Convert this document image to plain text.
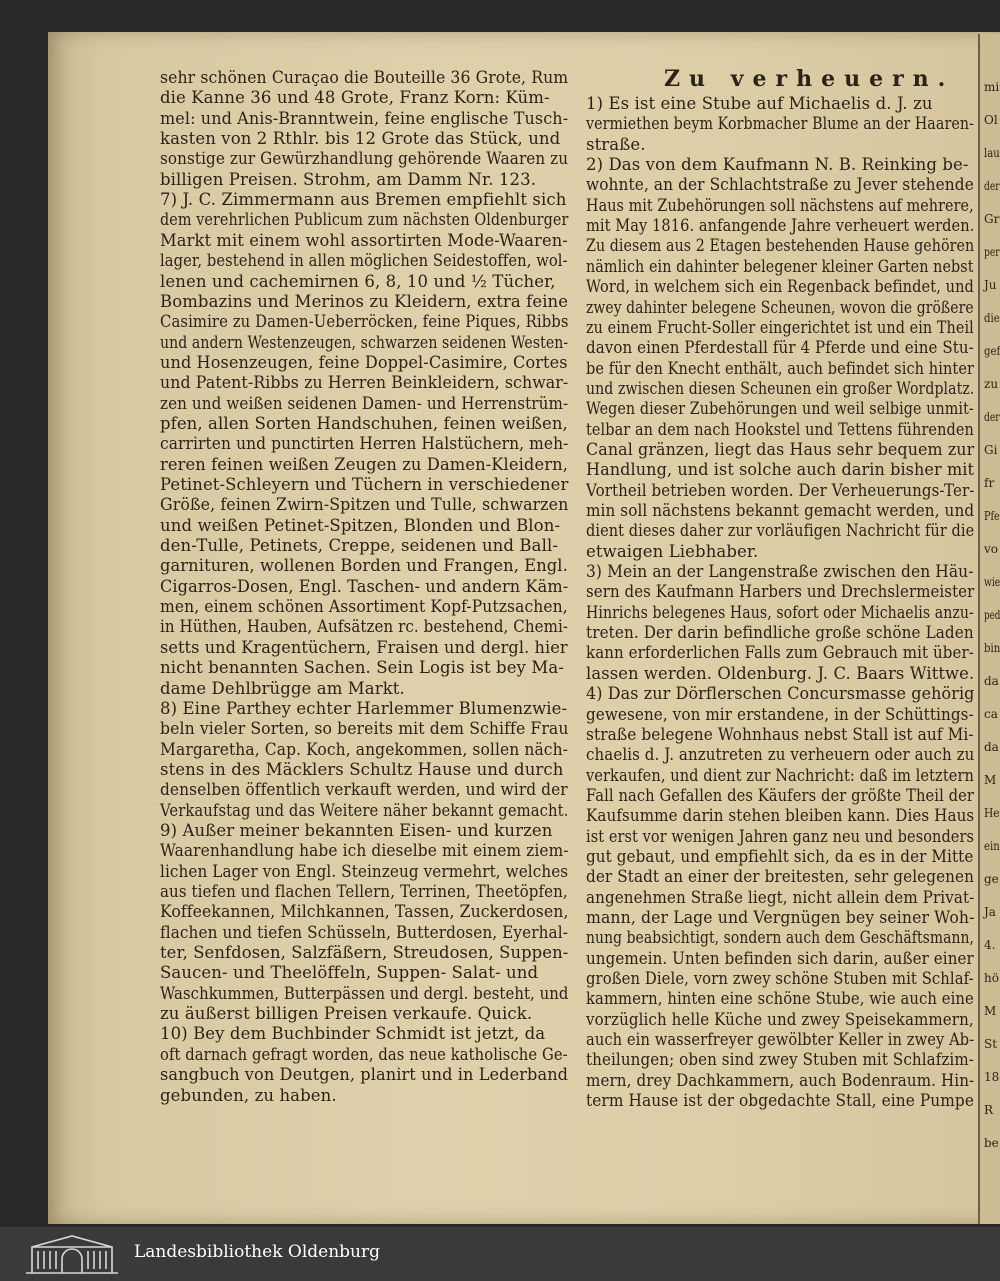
sehr schönen Curaçao die Bouteille 36 Grote, Rum
die Kanne 36 und 48 Grote, Franz Korn: Küm-
mel: und Anis-Branntwein, feine englische Tusch-
kasten von 2 Rthlr. bis 12 Grote das Stück, und
sonstige zur Gewürzhandlung gehörende Waaren zu
billigen Preisen. Strohm, am Damm Nr. 123.
7) J. C. Zimmermann aus Bremen empfiehlt sich
dem verehrlichen Publicum zum nächsten Oldenburger
Markt mit einem wohl assortirten Mode-Waaren-
lager, bestehend in allen möglichen Seidestoffen, wol-
lenen und cachemirnen 6, 8, 10 und ½ Tücher,
Bombazins und Merinos zu Kleidern, extra feine
Casimire zu Damen-Ueberröcken, feine Piques, Ribbs
und andern Westenzeugen, schwarzen seidenen Westen-
und Hosenzeugen, feine Doppel-Casimire, Cortes
und Patent-Ribbs zu Herren Beinkleidern, schwar-
zen und weißen seidenen Damen- und Herrenstrüm-
pfen, allen Sorten Handschuhen, feinen weißen,
carrirten und punctirten Herren Halstüchern, meh-
reren feinen weißen Zeugen zu Damen-Kleidern,
Petinet-Schleyern und Tüchern in verschiedener
Größe, feinen Zwirn-Spitzen und Tulle, schwarzen
und weißen Petinet-Spitzen, Blonden und Blon-
den-Tulle, Petinets, Creppe, seidenen und Ball-
garnituren, wollenen Borden und Frangen, Engl.
Cigarros-Dosen, Engl. Taschen- und andern Käm-
men, einem schönen Assortiment Kopf-Putzsachen,
in Hüthen, Hauben, Aufsätzen rc. bestehend, Chemi-
setts und Kragentüchern, Fraisen und dergl. hier
nicht benannten Sachen. Sein Logis ist bey Ma-
dame Dehlbrügge am Markt.
8) Eine Parthey echter Harlemmer Blumenzwie-
beln vieler Sorten, so bereits mit dem Schiffe Frau
Margaretha, Cap. Koch, angekommen, sollen näch-
stens in des Mäcklers Schultz Hause und durch
denselben öffentlich verkauft werden, und wird der
Verkaufstag und das Weitere näher bekannt gemacht.
9) Außer meiner bekannten Eisen- und kurzen
Waarenhandlung habe ich dieselbe mit einem ziem-
lichen Lager von Engl. Steinzeug vermehrt, welches
aus tiefen und flachen Tellern, Terrinen, Theetöpfen,
Koffeekannen, Milchkannen, Tassen, Zuckerdosen,
flachen und tiefen Schüsseln, Butterdosen, Eyerhal-
ter, Senfdosen, Salzfäßern, Streudosen, Suppen-
Saucen- und Theelöffeln, Suppen- Salat- und
Waschkummen, Butterpässen und dergl. besteht, und
zu äußerst billigen Preisen verkaufe. Quick.
10) Bey dem Buchbinder Schmidt ist jetzt, da
oft darnach gefragt worden, das neue katholische Ge-
sangbuch von Deutgen, planirt und in Lederband
gebunden, zu haben.
Zu verheuern.
1) Es ist eine Stube auf Michaelis d. J. zu
vermiethen beym Korbmacher Blume an der Haaren-
straße.
2) Das von dem Kaufmann N. B. Reinking be-
wohnte, an der Schlachtstraße zu Jever stehende
Haus mit Zubehörungen soll nächstens auf mehrere,
mit May 1816. anfangende Jahre verheuert werden.
Zu diesem aus 2 Etagen bestehenden Hause gehören
nämlich ein dahinter belegener kleiner Garten nebst
Word, in welchem sich ein Regenback befindet, und
zwey dahinter belegene Scheunen, wovon die größere
zu einem Frucht-Soller eingerichtet ist und ein Theil
davon einen Pferdestall für 4 Pferde und eine Stu-
be für den Knecht enthält, auch befindet sich hinter
und zwischen diesen Scheunen ein großer Wordplatz.
Wegen dieser Zubehörungen und weil selbige unmit-
telbar an dem nach Hookstel und Tettens führenden
Canal gränzen, liegt das Haus sehr bequem zur
Handlung, und ist solche auch darin bisher mit
Vortheil betrieben worden. Der Verheuerungs-Ter-
min soll nächstens bekannt gemacht werden, und
dient dieses daher zur vorläufigen Nachricht für die
etwaigen Liebhaber.
3) Mein an der Langenstraße zwischen den Häu-
sern des Kaufmann Harbers und Drechslermeister
Hinrichs belegenes Haus, sofort oder Michaelis anzu-
treten. Der darin befindliche große schöne Laden
kann erforderlichen Falls zum Gebrauch mit über-
lassen werden. Oldenburg. J. C. Baars Wittwe.
4) Das zur Dörflerschen Concursmasse gehörig
gewesene, von mir erstandene, in der Schüttings-
straße belegene Wohnhaus nebst Stall ist auf Mi-
chaelis d. J. anzutreten zu verheuern oder auch zu
verkaufen, und dient zur Nachricht: daß im letztern
Fall nach Gefallen des Käufers der größte Theil der
Kaufsumme darin stehen bleiben kann. Dies Haus
ist erst vor wenigen Jahren ganz neu und besonders
gut gebaut, und empfiehlt sich, da es in der Mitte
der Stadt an einer der breitesten, sehr gelegenen
angenehmen Straße liegt, nicht allein dem Privat-
mann, der Lage und Vergnügen bey seiner Woh-
nung beabsichtigt, sondern auch dem Geschäftsmann,
ungemein. Unten befinden sich darin, außer einer
großen Diele, vorn zwey schöne Stuben mit Schlaf-
kammern, hinten eine schöne Stube, wie auch eine
vorzüglich helle Küche und zwey Speisekammern,
auch ein wasserfreyer gewölbter Keller in zwey Ab-
theilungen; oben sind zwey Stuben mit Schlafzim-
mern, drey Dachkammern, auch Bodenraum. Hin-
term Hause ist der obgedachte Stall, eine Pumpe
mi
Ol
lau
der
Gr
per
Ju
die
gef
zu
der
Gi
fr
Pfe
vo
wie
ped
bin
da
ca
da
M
He
ein
ge
Ja
4.
hö
M
St
18
R
be
Landesbibliothek Oldenburg
